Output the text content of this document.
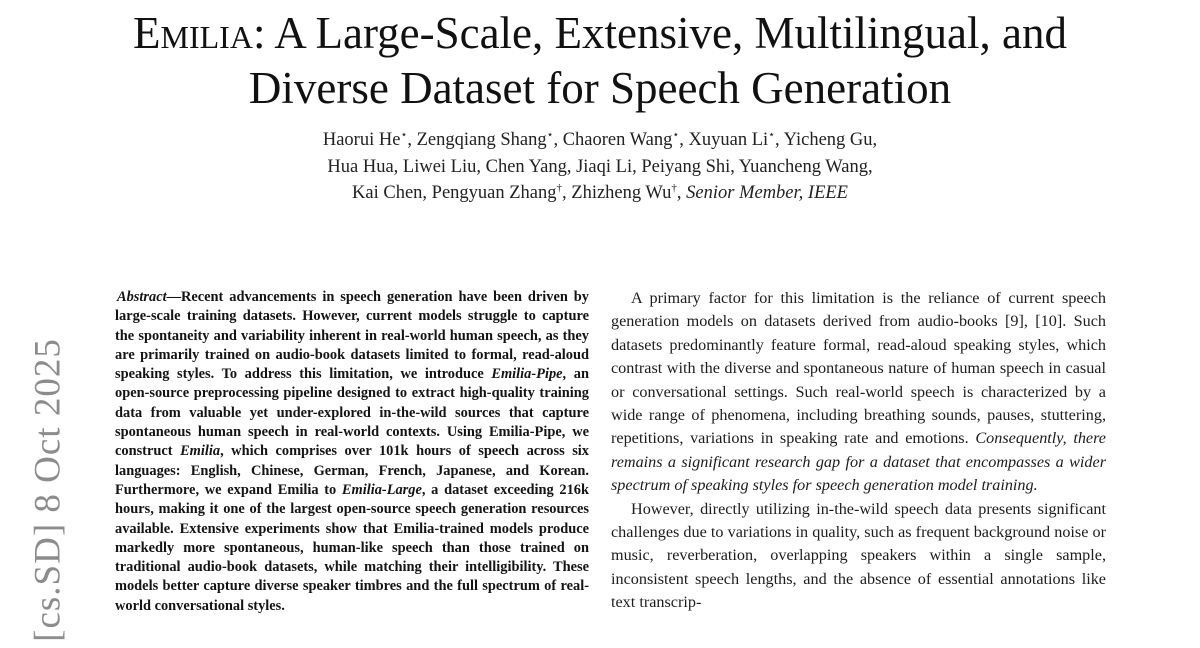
Emilia: A Large-Scale, Extensive, Multilingual, and
Diverse Dataset for Speech Generation
Haorui He⋆, Zengqiang Shang⋆, Chaoren Wang⋆, Xuyuan Li⋆, Yicheng Gu,
Hua Hua, Liwei Liu, Chen Yang, Jiaqi Li, Peiyang Shi, Yuancheng Wang,
Kai Chen, Pengyuan Zhang†, Zhizheng Wu†, Senior Member, IEEE
[cs.SD] 8 Oct 2025
Abstract—Recent advancements in speech generation have been driven by large-scale training datasets. However, current models struggle to capture the spontaneity and variability inherent in real-world human speech, as they are primarily trained on audio-book datasets limited to formal, read-aloud speaking styles. To address this limitation, we introduce Emilia-Pipe, an open-source preprocessing pipeline designed to extract high-quality training data from valuable yet under-explored in-the-wild sources that capture spontaneous human speech in real-world contexts. Using Emilia-Pipe, we construct Emilia, which comprises over 101k hours of speech across six languages: English, Chinese, German, French, Japanese, and Korean. Furthermore, we expand Emilia to Emilia-Large, a dataset exceeding 216k hours, making it one of the largest open-source speech generation resources available. Extensive experiments show that Emilia-trained models produce markedly more spontaneous, human-like speech than those trained on traditional audio-book datasets, while matching their intelligibility. These models better capture diverse speaker timbres and the full spectrum of real-world conversational styles.

A primary factor for this limitation is the reliance of current speech generation models on datasets derived from audio-books [9], [10]. Such datasets predominantly feature formal, read-aloud speaking styles, which contrast with the diverse and spontaneous nature of human speech in casual or conversational settings. Such real-world speech is characterized by a wide range of phenomena, including breathing sounds, pauses, stuttering, repetitions, variations in speaking rate and emotions. Consequently, there remains a significant research gap for a dataset that encompasses a wider spectrum of speaking styles for speech generation model training.

However, directly utilizing in-the-wild speech data presents significant challenges due to variations in quality, such as frequent background noise or music, reverberation, overlapping speakers within a single sample, inconsistent speech lengths, and the absence of essential annotations like text transcrip-
